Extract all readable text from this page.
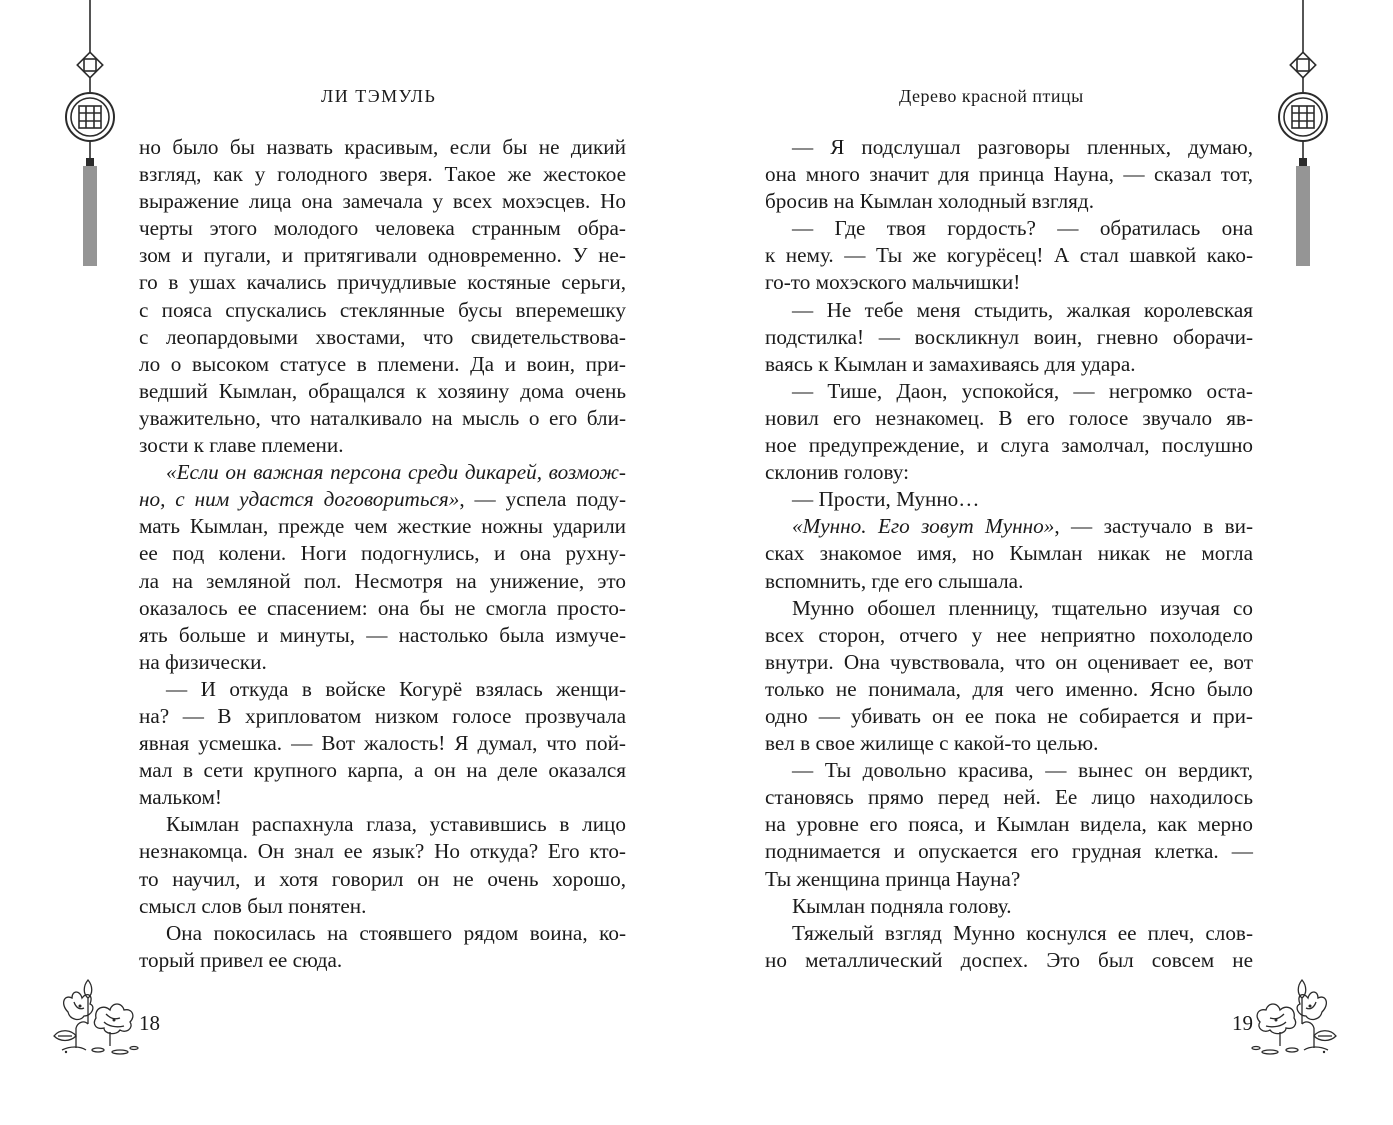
ЛИ ТЭМУЛЬ

но было бы назвать красивым, если бы не дикий

взгляд, как у голодного зверя. Такое же жестокое

выражение лица она замечала у всех мохэсцев. Но

черты этого молодого человека странным обра-

зом и пугали, и притягивали одновременно. У не-

го в ушах качались причудливые костяные серьги,

с пояса спускались стеклянные бусы вперемешку

с леопардовыми хвостами, что свидетельствова-

ло о высоком статусе в племени. Да и воин, при-

ведший Кымлан, обращался к хозяину дома очень

уважительно, что наталкивало на мысль о его бли-

зости к главе племени.

«Если он важная персона среди дикарей, возмож-

но, с ним удастся договориться», — успела поду-

мать Кымлан, прежде чем жесткие ножны ударили

ее под колени. Ноги подогнулись, и она рухну-

ла на земляной пол. Несмотря на унижение, это

оказалось ее спасением: она бы не смогла просто-

ять больше и минуты, — настолько была измуче-

на физически.

— И откуда в войске Когурё взялась женщи-

на? — В хрипловатом низком голосе прозвучала

явная усмешка. — Вот жалость! Я думал, что пой-

мал в сети крупного карпа, а он на деле оказался

мальком!

Кымлан распахнула глаза, уставившись в лицо

незнакомца. Он знал ее язык? Но откуда? Его кто-

то научил, и хотя говорил он не очень хорошо,

смысл слов был понятен.

Она покосилась на стоявшего рядом воина, ко-

торый привел ее сюда.

18
Дерево красной птицы

— Я подслушал разговоры пленных, думаю,

она много значит для принца Науна, — сказал тот,

бросив на Кымлан холодный взгляд.

— Где твоя гордость? — обратилась она

к нему. — Ты же когурёсец! А стал шавкой како-

го-то мохэского мальчишки!

— Не тебе меня стыдить, жалкая королевская

подстилка! — воскликнул воин, гневно оборачи-

ваясь к Кымлан и замахиваясь для удара.

— Тише, Даон, успокойся, — негромко оста-

новил его незнакомец. В его голосе звучало яв-

ное предупреждение, и слуга замолчал, послушно

склонив голову:

— Прости, Мунно…

«Мунно. Его зовут Мунно», — застучало в ви-

сках знакомое имя, но Кымлан никак не могла

вспомнить, где его слышала.

Мунно обошел пленницу, тщательно изучая со

всех сторон, отчего у нее неприятно похолодело

внутри. Она чувствовала, что он оценивает ее, вот

только не понимала, для чего именно. Ясно было

одно — убивать он ее пока не собирается и при-

вел в свое жилище с какой-то целью.

— Ты довольно красива, — вынес он вердикт,

становясь прямо перед ней. Ее лицо находилось

на уровне его пояса, и Кымлан видела, как мерно

поднимается и опускается его грудная клетка. —

Ты женщина принца Науна?

Кымлан подняла голову.

Тяжелый взгляд Мунно коснулся ее плеч, слов-

но металлический доспех. Это был совсем не

19
